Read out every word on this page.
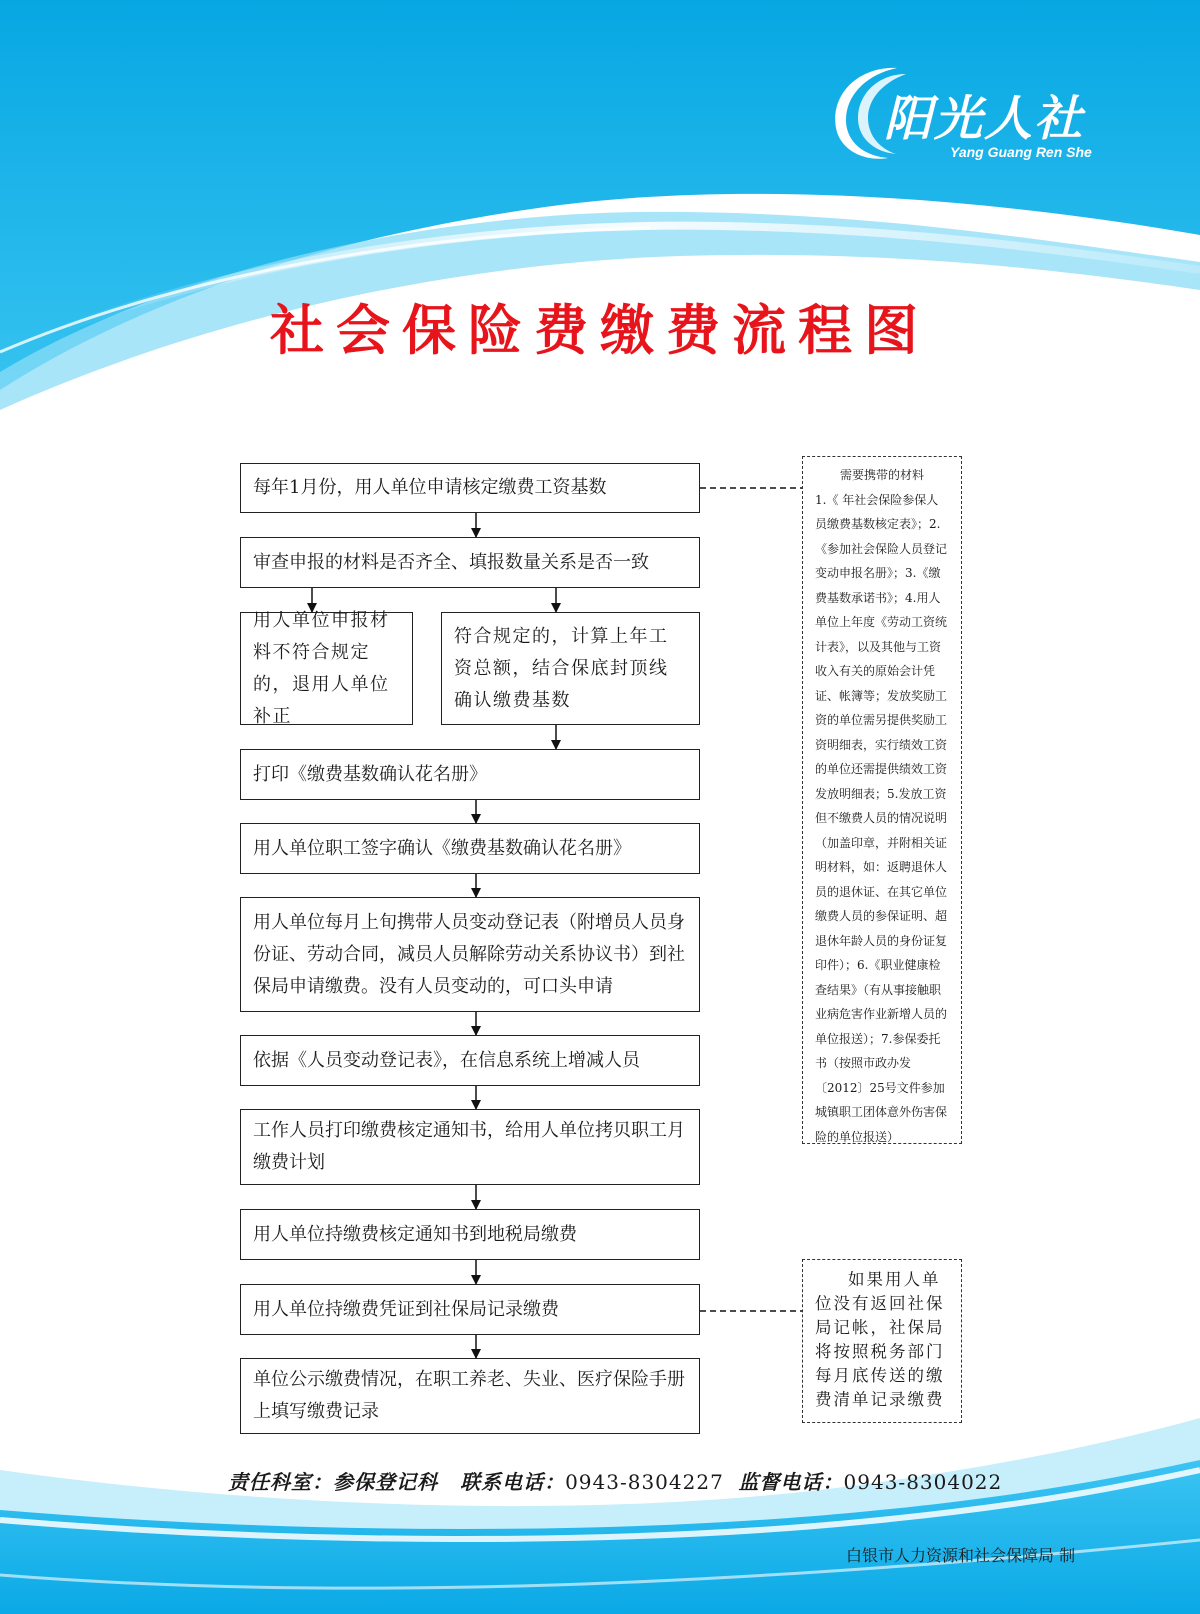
阳光人社
Yang Guang Ren She
社会保险费缴费流程图
每年1月份，用人单位申请核定缴费工资基数
审查申报的材料是否齐全、填报数量关系是否一致
用人单位申报材料不符合规定的，退用人单位补正
符合规定的，计算上年工资总额，结合保底封顶线确认缴费基数
打印《缴费基数确认花名册》
用人单位职工签字确认《缴费基数确认花名册》
用人单位每月上旬携带人员变动登记表（附增员人员身份证、劳动合同，减员人员解除劳动关系协议书）到社保局申请缴费。没有人员变动的，可口头申请
依据《人员变动登记表》，在信息系统上增减人员
工作人员打印缴费核定通知书，给用人单位拷贝职工月缴费计划
用人单位持缴费核定通知书到地税局缴费
用人单位持缴费凭证到社保局记录缴费
单位公示缴费情况，在职工养老、失业、医疗保险手册上填写缴费记录
需要携带的材料
1.《 年社会保险参保人员缴费基数核定表》；2.《参加社会保险人员登记变动申报名册》；3.《缴费基数承诺书》；4.用人单位上年度《劳动工资统计表》，以及其他与工资收入有关的原始会计凭证、帐簿等；发放奖励工资的单位需另提供奖励工资明细表，实行绩效工资的单位还需提供绩效工资发放明细表；5.发放工资但不缴费人员的情况说明（加盖印章，并附相关证明材料，如：返聘退休人员的退休证、在其它单位缴费人员的参保证明、超退休年龄人员的身份证复印件）；6.《职业健康检查结果》（有从事接触职业病危害作业新增人员的单位报送）；7.参保委托书（按照市政办发〔2012〕25号文件参加城镇职工团体意外伤害保险的单位报送）
如果用人单位没有返回社保局记帐，社保局将按照税务部门每月底传送的缴费清单记录缴费
责任科室：参保登记科 联系电话：0943-8304227 监督电话：0943-8304022
白银市人力资源和社会保障局 制
